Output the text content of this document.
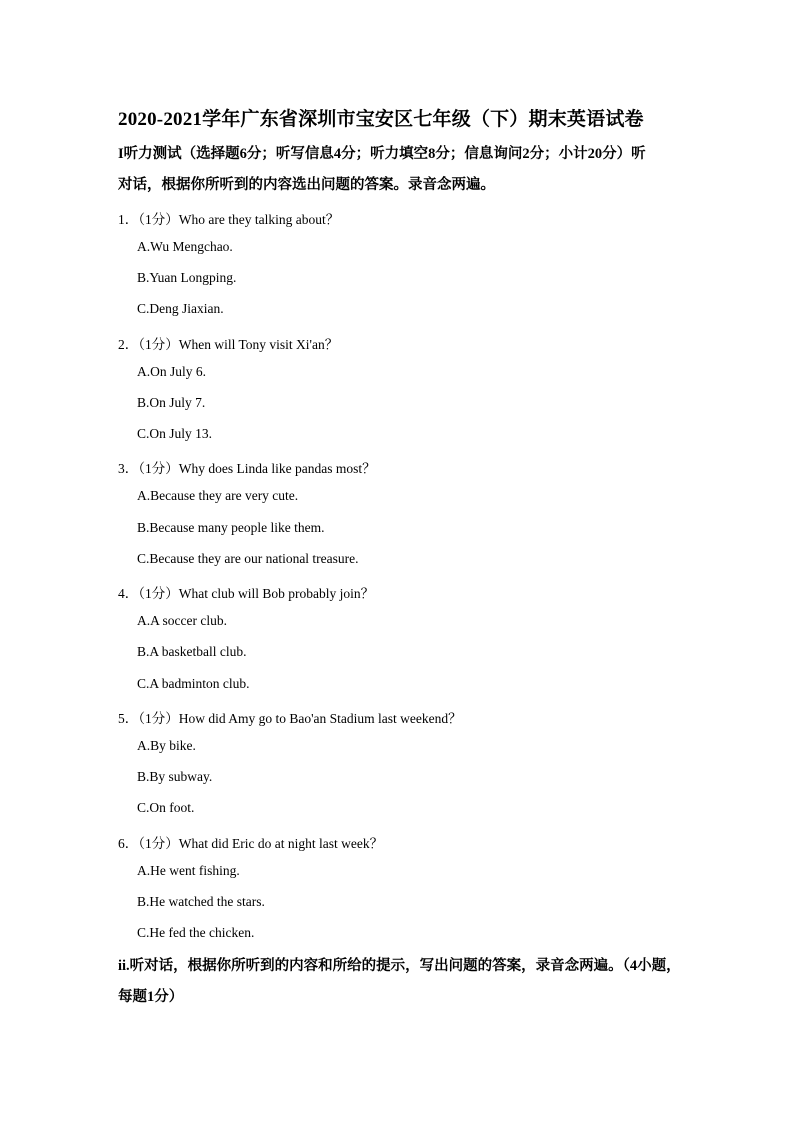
2020-2021学年广东省深圳市宝安区七年级（下）期末英语试卷
I听力测试（选择题6分；听写信息4分；听力填空8分；信息询问2分；小计20分）听
对话，根据你所听到的内容选出问题的答案。录音念两遍。
1．（1分）Who are they talking about？
A.Wu Mengchao.
B.Yuan Longping.
C.Deng Jiaxian.
2．（1分）When will Tony visit Xi'an？
A.On July 6.
B.On July 7.
C.On July 13.
3．（1分）Why does Linda like pandas most？
A.Because they are very cute.
B.Because many people like them.
C.Because they are our national treasure.
4．（1分）What club will Bob probably join？
A.A soccer club.
B.A basketball club.
C.A badminton club.
5．（1分）How did Amy go to Bao'an Stadium last weekend？
A.By bike.
B.By subway.
C.On foot.
6．（1分）What did Eric do at night last week？
A.He went fishing.
B.He watched the stars.
C.He fed the chicken.
ii.听对话，根据你所听到的内容和所给的提示，写出问题的答案，录音念两遍。（4小题，
每题1分）
